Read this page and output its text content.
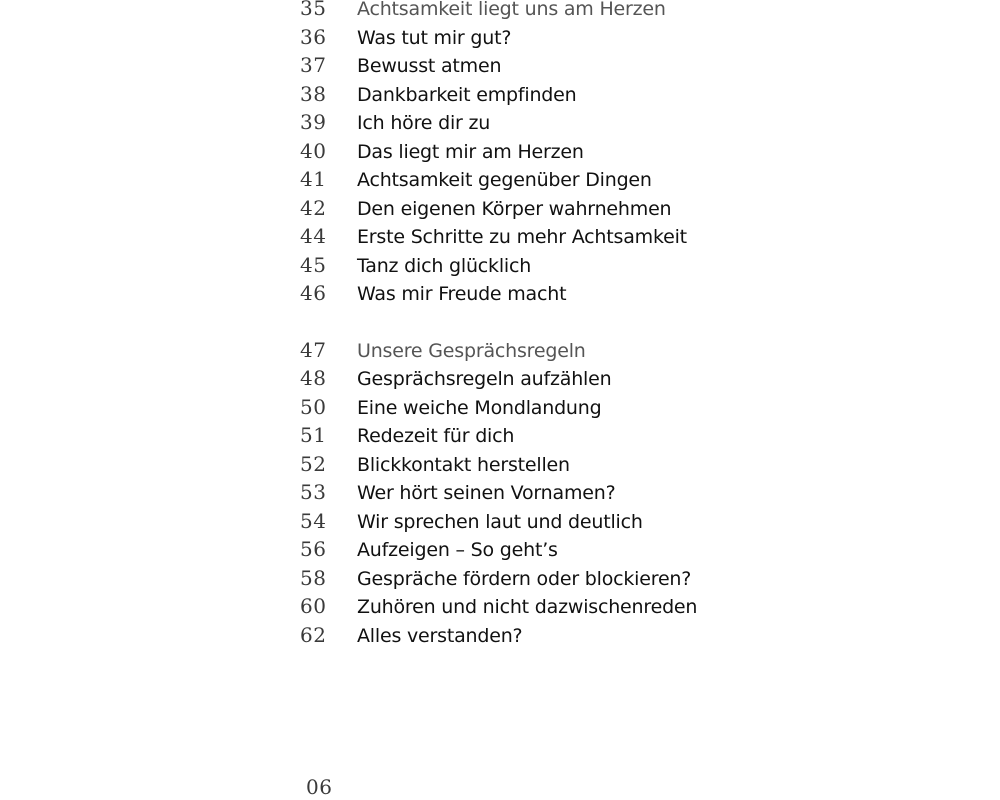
35	Achtsamkeit liegt uns am Herzen
36	Was tut mir gut?
37	Bewusst atmen
38	Dankbarkeit empfinden
39	Ich höre dir zu
40	Das liegt mir am Herzen
41	Achtsamkeit gegenüber Dingen
42	Den eigenen Körper wahrnehmen
44	Erste Schritte zu mehr Achtsamkeit
45	Tanz dich glücklich
46	Was mir Freude macht
47	Unsere Gesprächsregeln
48	Gesprächsregeln aufzählen
50	Eine weiche Mondlandung
51	Redezeit für dich
52	Blickkontakt herstellen
53	Wer hört seinen Vornamen?
54	Wir sprechen laut und deutlich
56	Aufzeigen – So geht’s
58	Gespräche fördern oder blockieren?
60	Zuhören und nicht dazwischenreden
62	Alles verstanden?
06
